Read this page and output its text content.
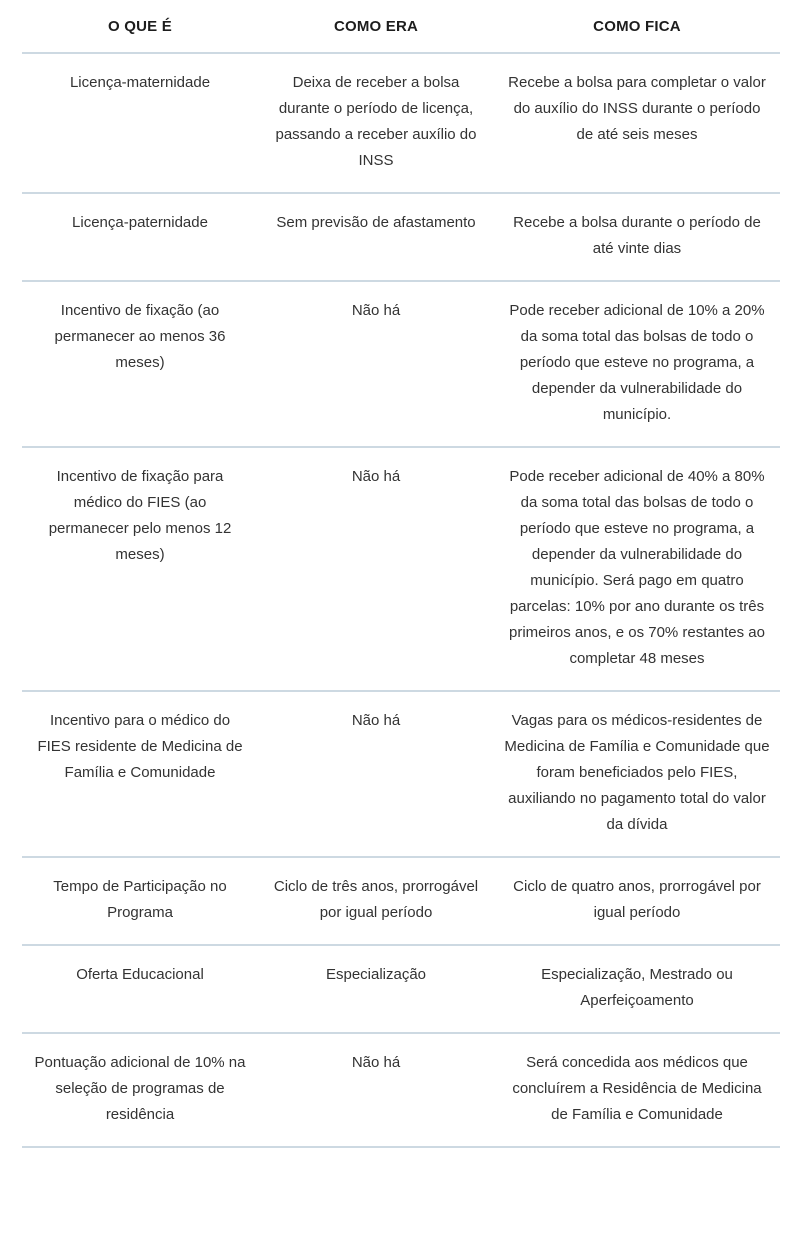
O QUE É	COMO ERA	COMO FICA

Licença-maternidade	Deixa de receber a bolsa durante o período de licença, passando a receber auxílio do INSS	Recebe a bolsa para completar o valor do auxílio do INSS durante o período de até seis meses

Licença-paternidade	Sem previsão de afastamento	Recebe a bolsa durante o período de até vinte dias

Incentivo de fixação (ao permanecer ao menos 36 meses)	Não há	Pode receber adicional de 10% a 20% da soma total das bolsas de todo o período que esteve no programa, a depender da vulnerabilidade do município.

Incentivo de fixação para médico do FIES (ao permanecer pelo menos 12 meses)	Não há	Pode receber adicional de 40% a 80% da soma total das bolsas de todo o período que esteve no programa, a depender da vulnerabilidade do município. Será pago em quatro parcelas: 10% por ano durante os três primeiros anos, e os 70% restantes ao completar 48 meses

Incentivo para o médico do FIES residente de Medicina de Família e Comunidade	Não há	Vagas para os médicos-residentes de Medicina de Família e Comunidade que foram beneficiados pelo FIES, auxiliando no pagamento total do valor da dívida

Tempo de Participação no Programa	Ciclo de três anos, prorrogável por igual período	Ciclo de quatro anos, prorrogável por igual período

Oferta Educacional	Especialização	Especialização, Mestrado ou Aperfeiçoamento

Pontuação adicional de 10% na seleção de programas de residência	Não há	Será concedida aos médicos que concluírem a Residência de Medicina de Família e Comunidade
